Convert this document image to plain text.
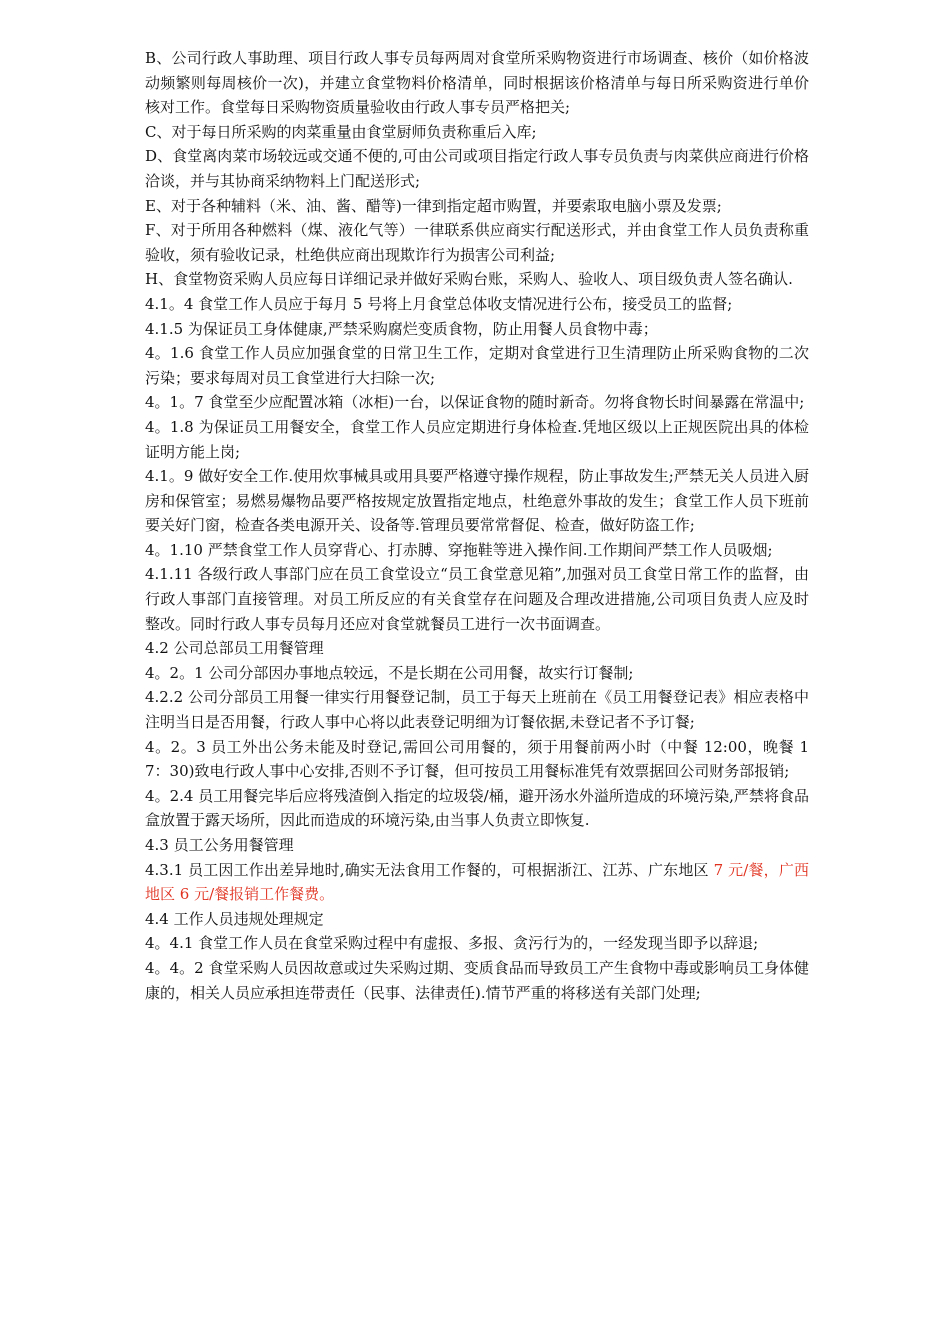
B、公司行政人事助理、项目行政人事专员每两周对食堂所采购物资进行市场调查、核价（如价格波动频繁则每周核价一次)，并建立食堂物料价格清单，同时根据该价格清单与每日所采购资进行单价核对工作。食堂每日采购物资质量验收由行政人事专员严格把关;

C、对于每日所采购的肉菜重量由食堂厨师负责称重后入库;

D、食堂离肉菜市场较远或交通不便的,可由公司或项目指定行政人事专员负责与肉菜供应商进行价格洽谈，并与其协商采纳物料上门配送形式;

E、对于各种辅料（米、油、酱、醋等)一律到指定超市购置，并要索取电脑小票及发票;

F、对于所用各种燃料（煤、液化气等）一律联系供应商实行配送形式，并由食堂工作人员负责称重验收，须有验收记录，杜绝供应商出现欺诈行为损害公司利益;

H、食堂物资采购人员应每日详细记录并做好采购台账，采购人、验收人、项目级负责人签名确认.

4.1。4 食堂工作人员应于每月 5 号将上月食堂总体收支情况进行公布，接受员工的监督;

4.1.5 为保证员工身体健康,严禁采购腐烂变质食物，防止用餐人员食物中毒；

4。1.6 食堂工作人员应加强食堂的日常卫生工作，定期对食堂进行卫生清理防止所采购食物的二次污染；要求每周对员工食堂进行大扫除一次;

4。1。7 食堂至少应配置冰箱（冰柜)一台，以保证食物的随时新奇。勿将食物长时间暴露在常温中;

4。1.8 为保证员工用餐安全，食堂工作人员应定期进行身体检查.凭地区级以上正规医院出具的体检证明方能上岗;

4.1。9 做好安全工作.使用炊事械具或用具要严格遵守操作规程，防止事故发生;严禁无关人员进入厨房和保管室；易燃易爆物品要严格按规定放置指定地点，杜绝意外事故的发生；食堂工作人员下班前要关好门窗，检查各类电源开关、设备等.管理员要常常督促、检查，做好防盗工作;

4。1.10 严禁食堂工作人员穿背心、打赤膊、穿拖鞋等进入操作间.工作期间严禁工作人员吸烟;

4.1.11 各级行政人事部门应在员工食堂设立“员工食堂意见箱”,加强对员工食堂日常工作的监督，由行政人事部门直接管理。对员工所反应的有关食堂存在问题及合理改进措施,公司项目负责人应及时整改。同时行政人事专员每月还应对食堂就餐员工进行一次书面调查。

4.2 公司总部员工用餐管理

4。2。1 公司分部因办事地点较远，不是长期在公司用餐，故实行订餐制;

4.2.2 公司分部员工用餐一律实行用餐登记制，员工于每天上班前在《员工用餐登记表》相应表格中注明当日是否用餐，行政人事中心将以此表登记明细为订餐依据,未登记者不予订餐;

4。2。3 员工外出公务未能及时登记,需回公司用餐的，须于用餐前两小时（中餐 12:00，晚餐 17：30)致电行政人事中心安排,否则不予订餐，但可按员工用餐标准凭有效票据回公司财务部报销;

4。2.4 员工用餐完毕后应将残渣倒入指定的垃圾袋/桶，避开汤水外溢所造成的环境污染,严禁将食品盒放置于露天场所，因此而造成的环境污染,由当事人负责立即恢复.

4.3 员工公务用餐管理

4.3.1 员工因工作出差异地时,确实无法食用工作餐的，可根据浙江、江苏、广东地区 7 元/餐，广西地区 6 元/餐报销工作餐费。

4.4 工作人员违规处理规定

4。4.1 食堂工作人员在食堂采购过程中有虚报、多报、贪污行为的，一经发现当即予以辞退;

4。4。2 食堂采购人员因故意或过失采购过期、变质食品而导致员工产生食物中毒或影响员工身体健康的，相关人员应承担连带责任（民事、法律责任).情节严重的将移送有关部门处理;
